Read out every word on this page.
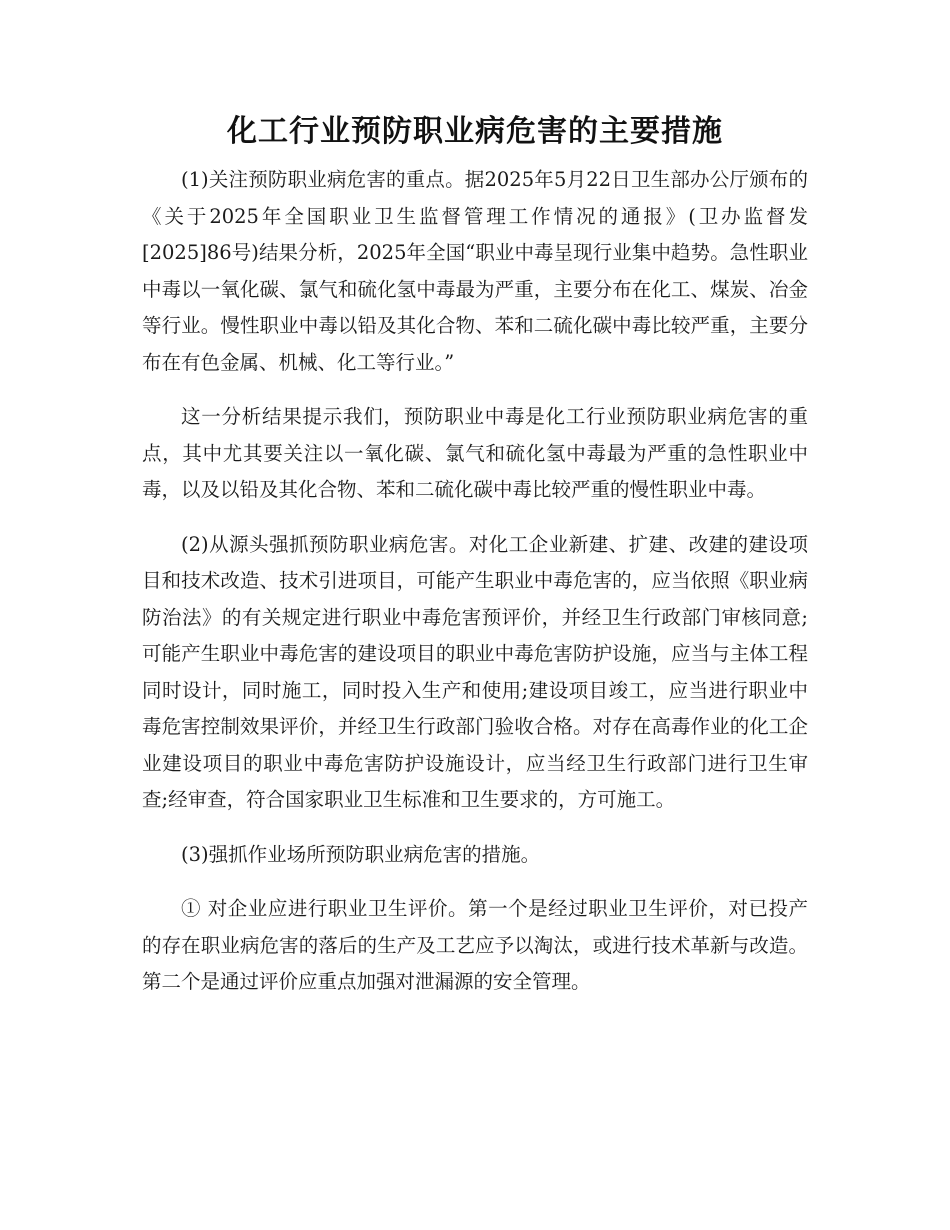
化工行业预防职业病危害的主要措施

(1)关注预防职业病危害的重点。据2025年5月22日卫生部办公厅颁布的《关于2025年全国职业卫生监督管理工作情况的通报》(卫办监督发[2025]86号)结果分析，2025年全国“职业中毒呈现行业集中趋势。急性职业中毒以一氧化碳、氯气和硫化氢中毒最为严重，主要分布在化工、煤炭、冶金等行业。慢性职业中毒以铅及其化合物、苯和二硫化碳中毒比较严重，主要分布在有色金属、机械、化工等行业。”

这一分析结果提示我们，预防职业中毒是化工行业预防职业病危害的重点，其中尤其要关注以一氧化碳、氯气和硫化氢中毒最为严重的急性职业中毒，以及以铅及其化合物、苯和二硫化碳中毒比较严重的慢性职业中毒。

(2)从源头强抓预防职业病危害。对化工企业新建、扩建、改建的建设项目和技术改造、技术引进项目，可能产生职业中毒危害的，应当依照《职业病防治法》的有关规定进行职业中毒危害预评价，并经卫生行政部门审核同意;可能产生职业中毒危害的建设项目的职业中毒危害防护设施，应当与主体工程同时设计，同时施工，同时投入生产和使用;建设项目竣工，应当进行职业中毒危害控制效果评价，并经卫生行政部门验收合格。对存在高毒作业的化工企业建设项目的职业中毒危害防护设施设计，应当经卫生行政部门进行卫生审查;经审查，符合国家职业卫生标准和卫生要求的，方可施工。

(3)强抓作业场所预防职业病危害的措施。

① 对企业应进行职业卫生评价。第一个是经过职业卫生评价，对已投产的存在职业病危害的落后的生产及工艺应予以淘汰，或进行技术革新与改造。第二个是通过评价应重点加强对泄漏源的安全管理。
